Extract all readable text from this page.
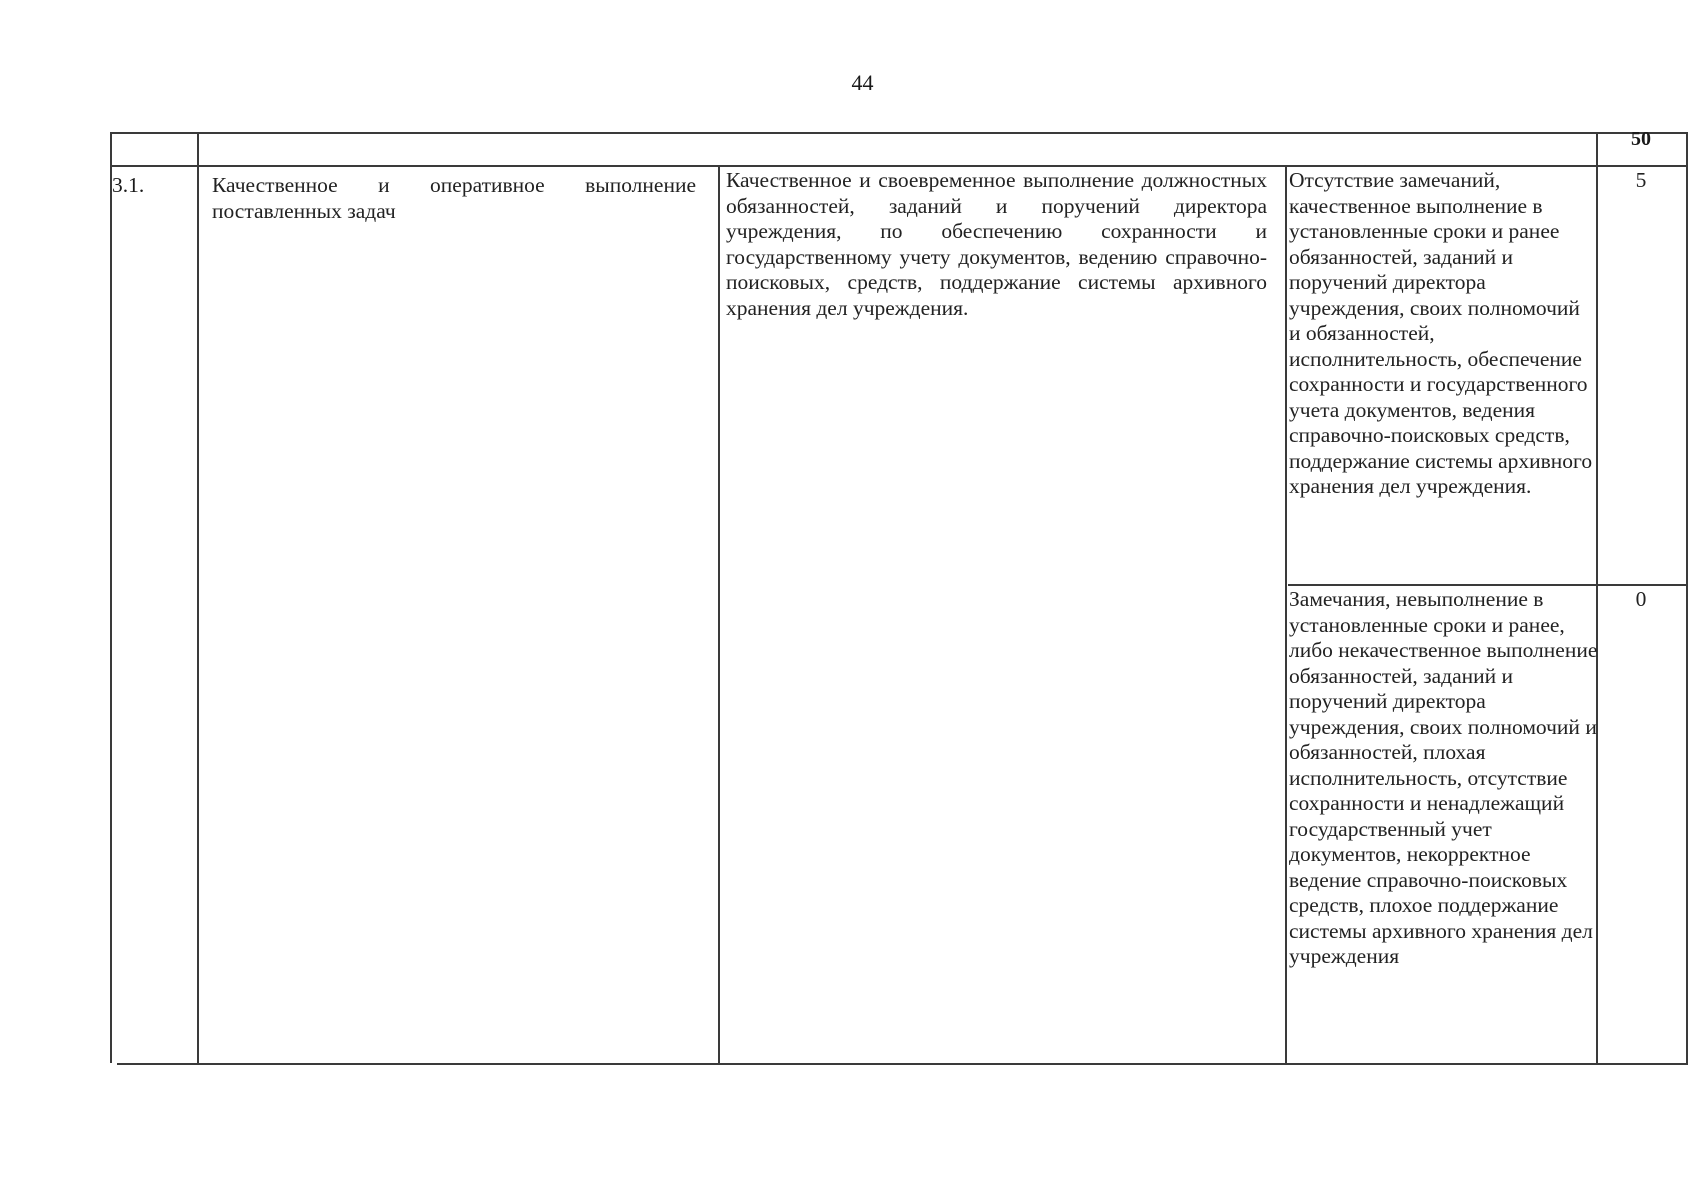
44
50
3.1.	Качественное и оперативное выполнение поставленных задач
Качественное и своевременное выполнение должностных обязанностей, заданий и поручений директора учреждения, по обеспечению сохранности и государственному учету документов, ведению справочно-поисковых, средств, поддержание системы архивного хранения дел учреждения.
Отсутствие замечаний, качественное выполнение в установленные сроки и ранее обязанностей, заданий и поручений директора учреждения, своих полномочий и обязанностей, исполнительность, обеспечение сохранности и государственного учета документов, ведения справочно-поисковых средств, поддержание системы архивного хранения дел учреждения.
5
Замечания, невыполнение в установленные сроки и ранее, либо некачественное выполнение обязанностей, заданий и поручений директора учреждения, своих полномочий и обязанностей, плохая исполнительность, отсутствие сохранности и ненадлежащий государственный учет документов, некорректное ведение справочно-поисковых средств, плохое поддержание системы архивного хранения дел учреждения
0
